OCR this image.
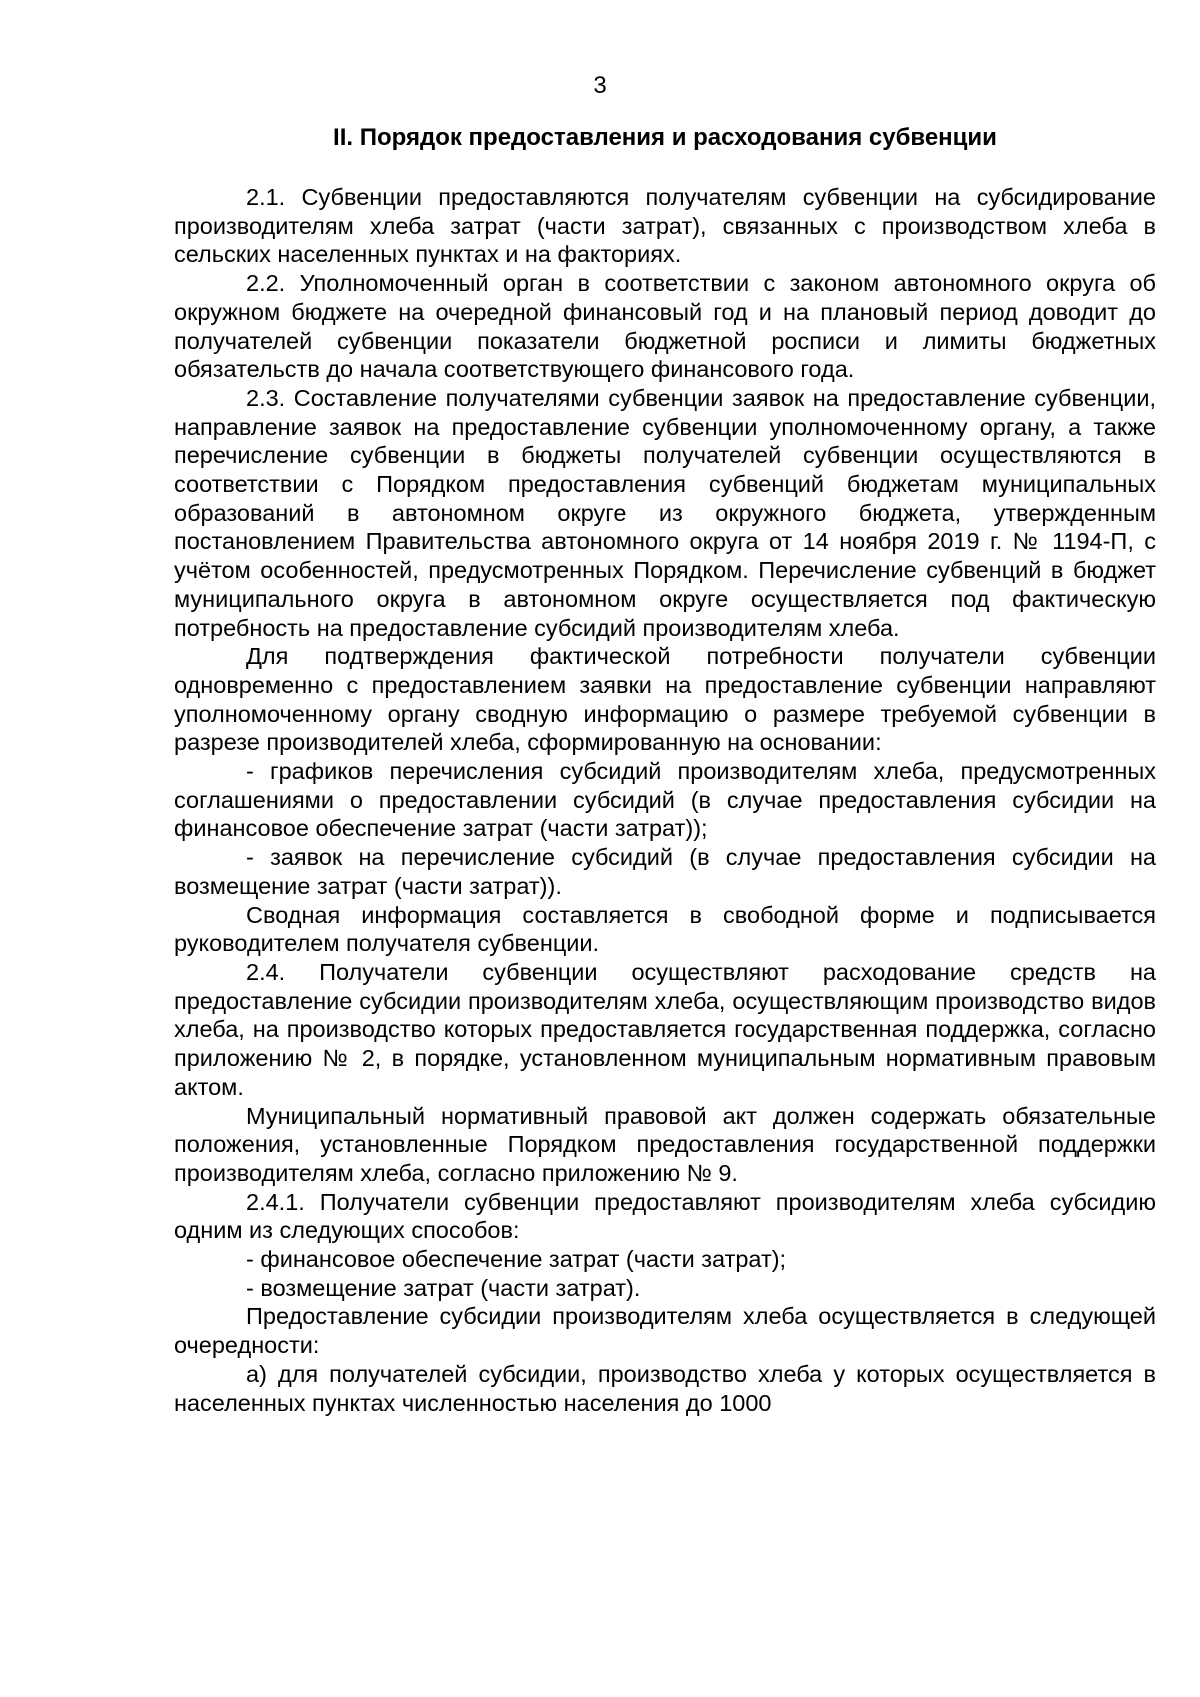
3
II. Порядок предоставления и расходования субвенции

2.1. Субвенции предоставляются получателям субвенции на субсидирование производителям хлеба затрат (части затрат), связанных с производством хлеба в сельских населенных пунктах и на факториях.

2.2. Уполномоченный орган в соответствии с законом автономного округа об окружном бюджете на очередной финансовый год и на плановый период доводит до получателей субвенции показатели бюджетной росписи и лимиты бюджетных обязательств до начала соответствующего финансового года.

2.3. Составление получателями субвенции заявок на предоставление субвенции, направление заявок на предоставление субвенции уполномоченному органу, а также перечисление субвенции в бюджеты получателей субвенции осуществляются в соответствии с Порядком предоставления субвенций бюджетам муниципальных образований в автономном округе из окружного бюджета, утвержденным постановлением Правительства автономного округа от 14 ноября 2019 г. № 1194-П, с учётом особенностей, предусмотренных Порядком. Перечисление субвенций в бюджет муниципального округа в автономном округе осуществляется под фактическую потребность на предоставление субсидий производителям хлеба.

Для подтверждения фактической потребности получатели субвенции одновременно с предоставлением заявки на предоставление субвенции направляют уполномоченному органу сводную информацию о размере требуемой субвенции в разрезе производителей хлеба, сформированную на основании:

- графиков перечисления субсидий производителям хлеба, предусмотренных соглашениями о предоставлении субсидий (в случае предоставления субсидии на финансовое обеспечение затрат (части затрат));

- заявок на перечисление субсидий (в случае предоставления субсидии на возмещение затрат (части затрат)).

Сводная информация составляется в свободной форме и подписывается руководителем получателя субвенции.

2.4. Получатели субвенции осуществляют расходование средств на предоставление субсидии производителям хлеба, осуществляющим производство видов хлеба, на производство которых предоставляется государственная поддержка, согласно приложению № 2, в порядке, установленном муниципальным нормативным правовым актом.

Муниципальный нормативный правовой акт должен содержать обязательные положения, установленные Порядком предоставления государственной поддержки производителям хлеба, согласно приложению № 9.

2.4.1. Получатели субвенции предоставляют производителям хлеба субсидию одним из следующих способов:

- финансовое обеспечение затрат (части затрат);

- возмещение затрат (части затрат).

Предоставление субсидии производителям хлеба осуществляется в следующей очередности:

а) для получателей субсидии, производство хлеба у которых осуществляется в населенных пунктах численностью населения до 1000
